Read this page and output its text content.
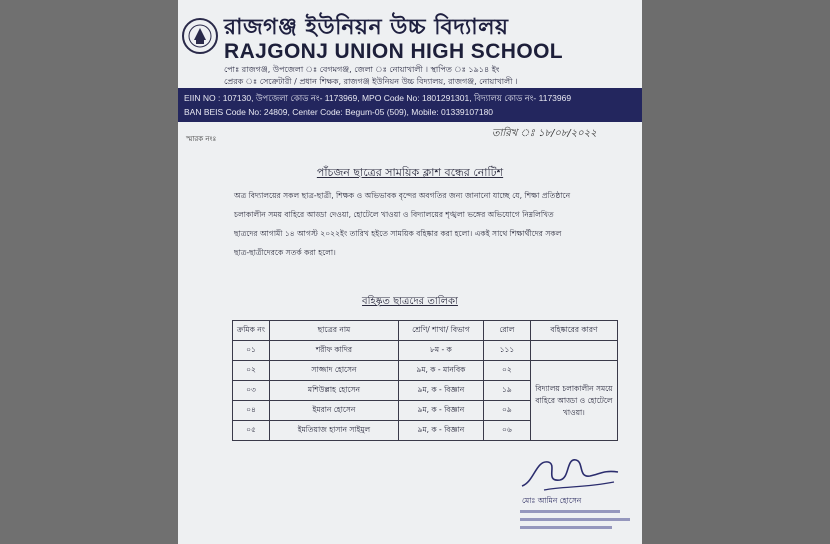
রাজগঞ্জ ইউনিয়ন উচ্চ বিদ্যালয়
RAJGONJ UNION HIGH SCHOOL
পোঃ রাজগঞ্জ, উপজেলা ঃ বেগমগঞ্জ, জেলা ঃ নোয়াখালী । স্থাপিত ঃ ১৯১৪ ইং
প্রেরক ঃ সেক্রেটারী / প্রধান শিক্ষক, রাজগঞ্জ ইউনিয়ন উচ্চ বিদ্যালয়, রাজগঞ্জ, নোয়াখালী ।
EIIN NO : 107130, উপজেলা কোড নং- 1173969, MPO Code No: 1801291301, বিদ্যালয় কোড নং- 1173969
BAN BEIS Code No: 24809, Center Code: Begum-05 (509), Mobile: 01339107180
স্মারক নংঃ	তারিখ ঃ ১৮/০৮/২০২২
পাঁচজন ছাত্রের সাময়িক ক্লাশ বন্ধের নোটিশ
অত্র বিদ্যালয়ের সকল ছাত্র-ছাত্রী, শিক্ষক ও অভিভাবক বৃন্দের অবগতির জন্য জানানো যাচ্ছে যে, শিক্ষা প্রতিষ্ঠানে চলাকালীন সময় বাহিরে আড্ডা দেওয়া, হোটেলে খাওয়া ও বিদ্যালয়ের শৃঙ্খলা ভঙ্গের অভিযোগে নিম্নলিখিত ছাত্রদের আগামী ১৪ আগস্ট ২০২২ইং তারিখ হইতে সাময়িক বহিষ্কার করা হলো। একই সাথে শিক্ষার্থীদের সকল ছাত্র-ছাত্রীদেরকে সতর্ক করা হলো।
বহিষ্কৃত ছাত্রদের তালিকা
ক্রমিক নং	ছাত্রের নাম	শ্রেণি/ শাখা/ বিভাগ	রোল	বহিষ্কারের কারণ
০১	শরীফ কাদির	৮ম - ক	১১১	
০২	সাজ্জাদ হোসেন	৯ম, ক - মানবিক	০২	বিদ্যালয় চলাকালীন সময়ে বাহিরে আড্ডা ও হোটেলে খাওয়া।
০৩	মশিউল্লাহ হোসেন	৯ম, ক - বিজ্ঞান	১৯	
০৪	ইমরান হোসেন	৯ম, ক - বিজ্ঞান	০৯	
০৫	ইমতিয়াজ হাসান সাইমুল	৯ম, ক - বিজ্ঞান	০৬	
মোঃ আমিন হোসেন
